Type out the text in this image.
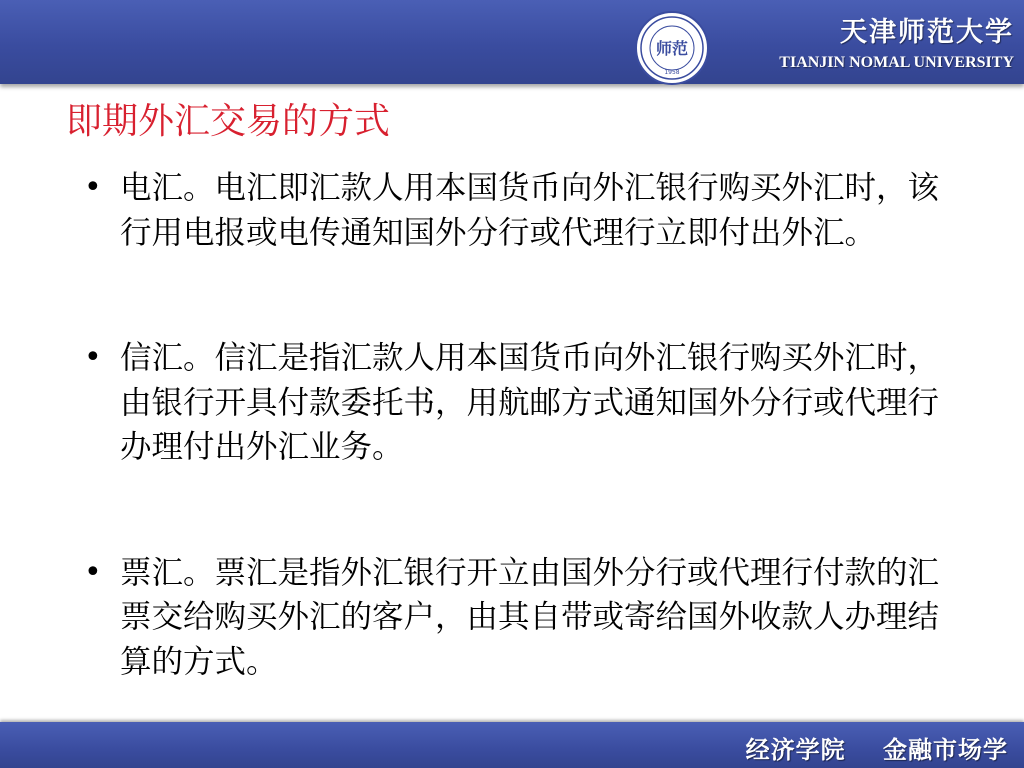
师范
1958
天津师范大学
TIANJIN NOMAL UNIVERSITY
即期外汇交易的方式
• 电汇。电汇即汇款人用本国货币向外汇银行购买外汇时，该行用电报或电传通知国外分行或代理行立即付出外汇。
• 信汇。信汇是指汇款人用本国货币向外汇银行购买外汇时，由银行开具付款委托书，用航邮方式通知国外分行或代理行办理付出外汇业务。
• 票汇。票汇是指外汇银行开立由国外分行或代理行付款的汇票交给购买外汇的客户，由其自带或寄给国外收款人办理结算的方式。
经济学院 金融市场学
